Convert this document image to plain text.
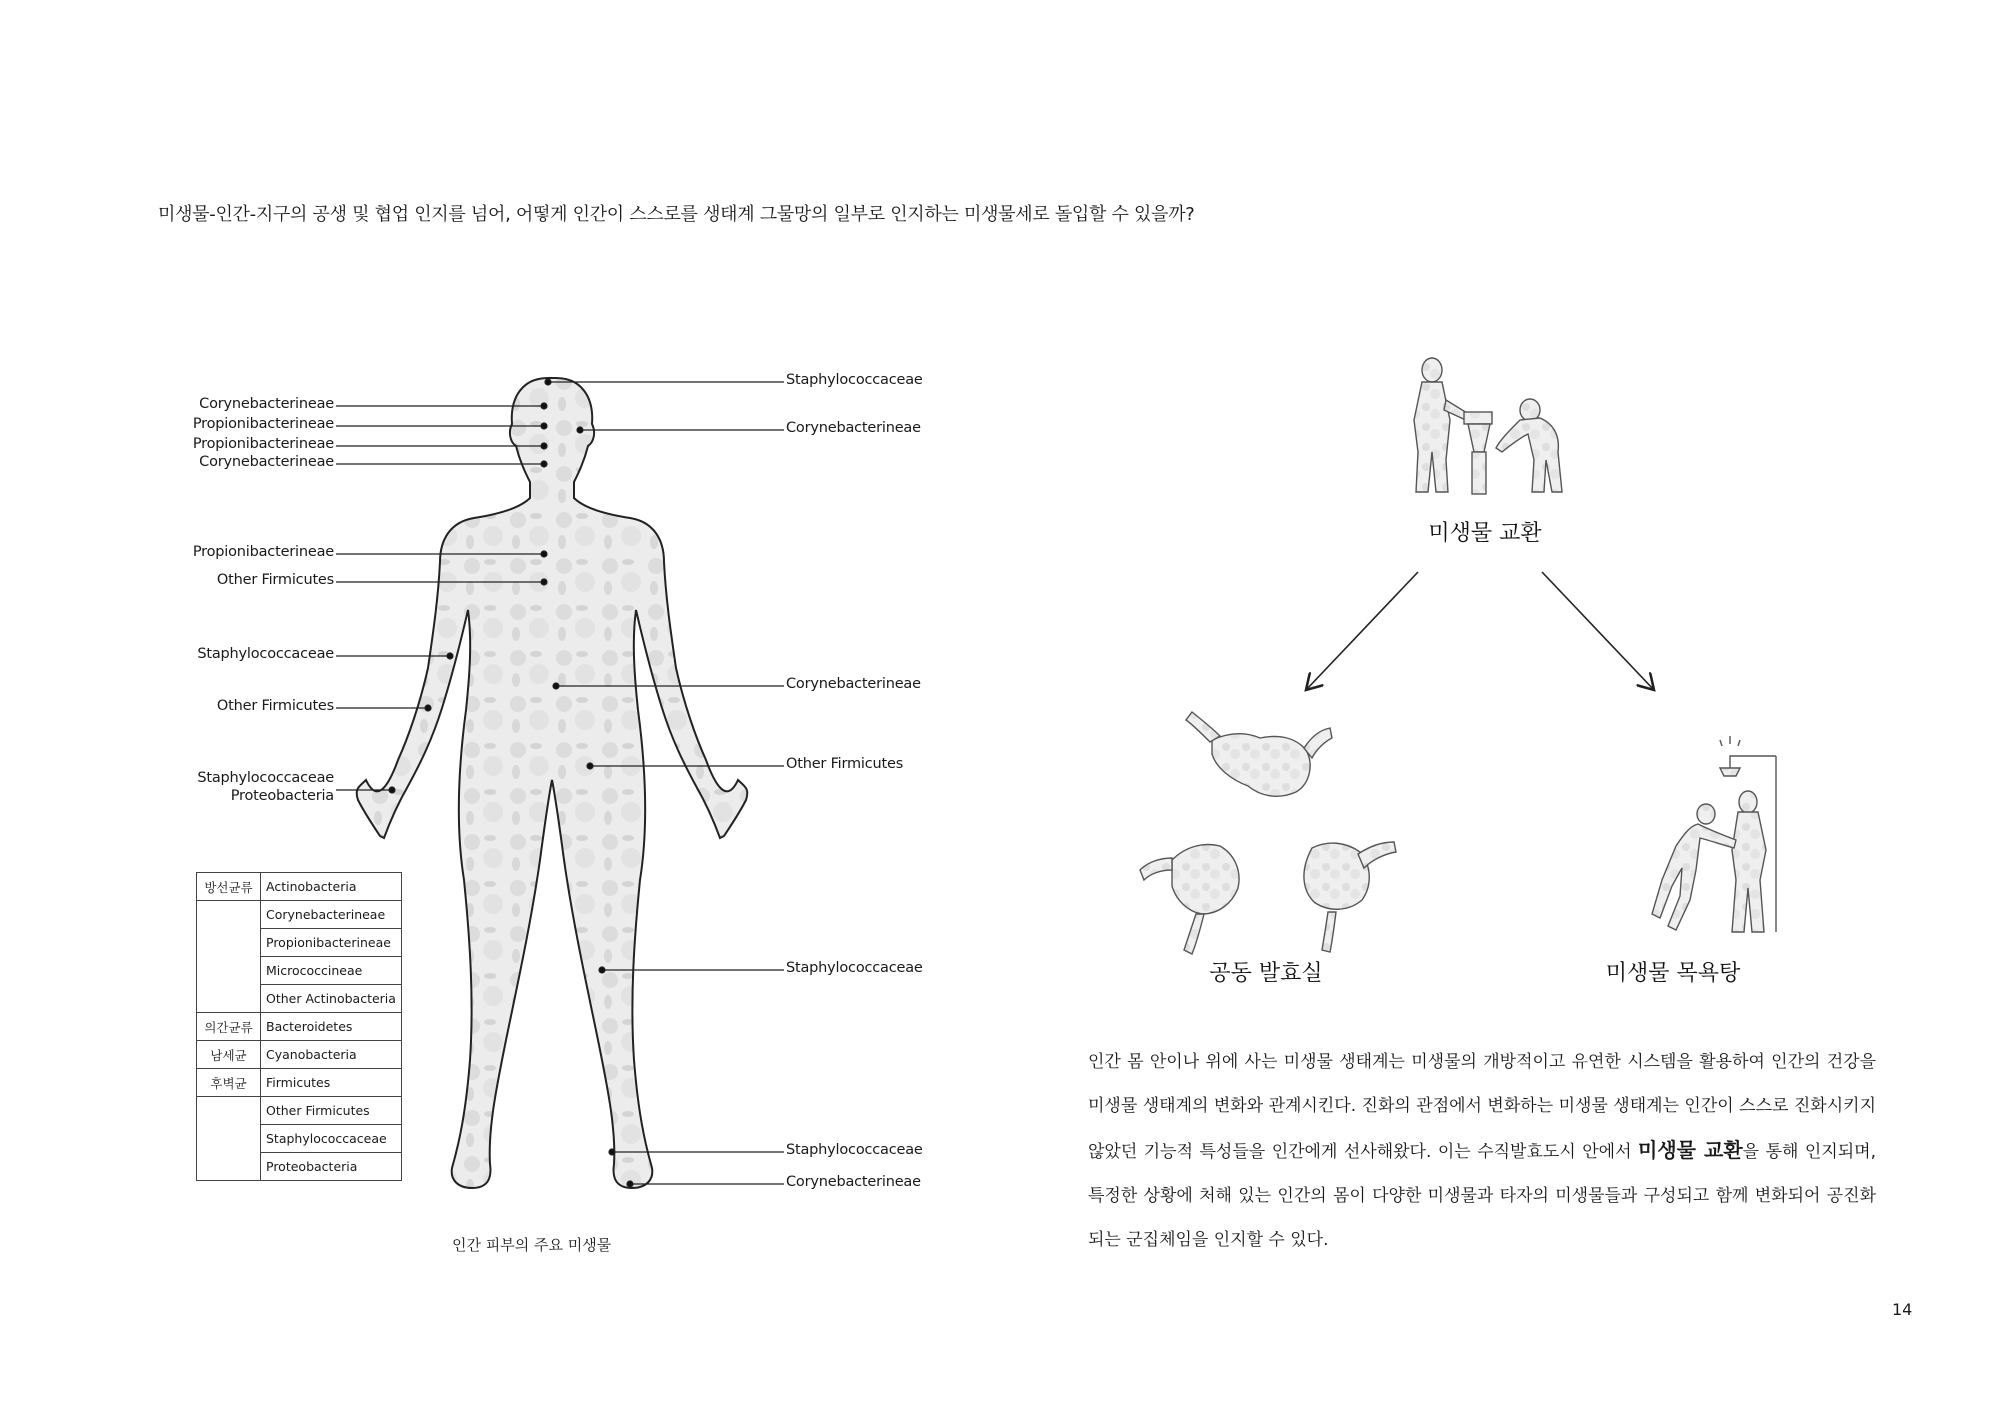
미생물-인간-지구의 공생 및 협업 인지를 넘어, 어떻게 인간이 스스로를 생태계 그물망의 일부로 인지하는 미생물세로 돌입할 수 있을까?
Corynebacterineae
Propionibacterineae
Propionibacterineae
Corynebacterineae
Propionibacterineae
Other Firmicutes
Staphylococcaceae
Other Firmicutes
Staphylococcaceae
Proteobacteria
Staphylococcaceae
Corynebacterineae
Corynebacterineae
Other Firmicutes
Staphylococcaceae
Staphylococcaceae
Corynebacterineae
방선균류	Actinobacteria
	Corynebacterineae
	Propionibacterineae
	Micrococcineae
	Other Actinobacteria
의간균류	Bacteroidetes
남세균	Cyanobacteria
후벽균	Firmicutes
	Other Firmicutes
	Staphylococcaceae
	Proteobacteria
인간 피부의 주요 미생물
미생물 교환
공동 발효실	미생물 목욕탕

인간 몸 안이나 위에 사는 미생물 생태계는 미생물의 개방적이고 유연한 시스템을 활용하여 인간의 건강을 미생물 생태계의 변화와 관계시킨다. 진화의 관점에서 변화하는 미생물 생태계는 인간이 스스로 진화시키지 않았던 기능적 특성들을 인간에게 선사해왔다. 이는 수직발효도시 안에서 미생물 교환을 통해 인지되며, 특정한 상황에 처해 있는 인간의 몸이 다양한 미생물과 타자의 미생물들과 구성되고 함께 변화되어 공진화되는 군집체임을 인지할 수 있다.

14
